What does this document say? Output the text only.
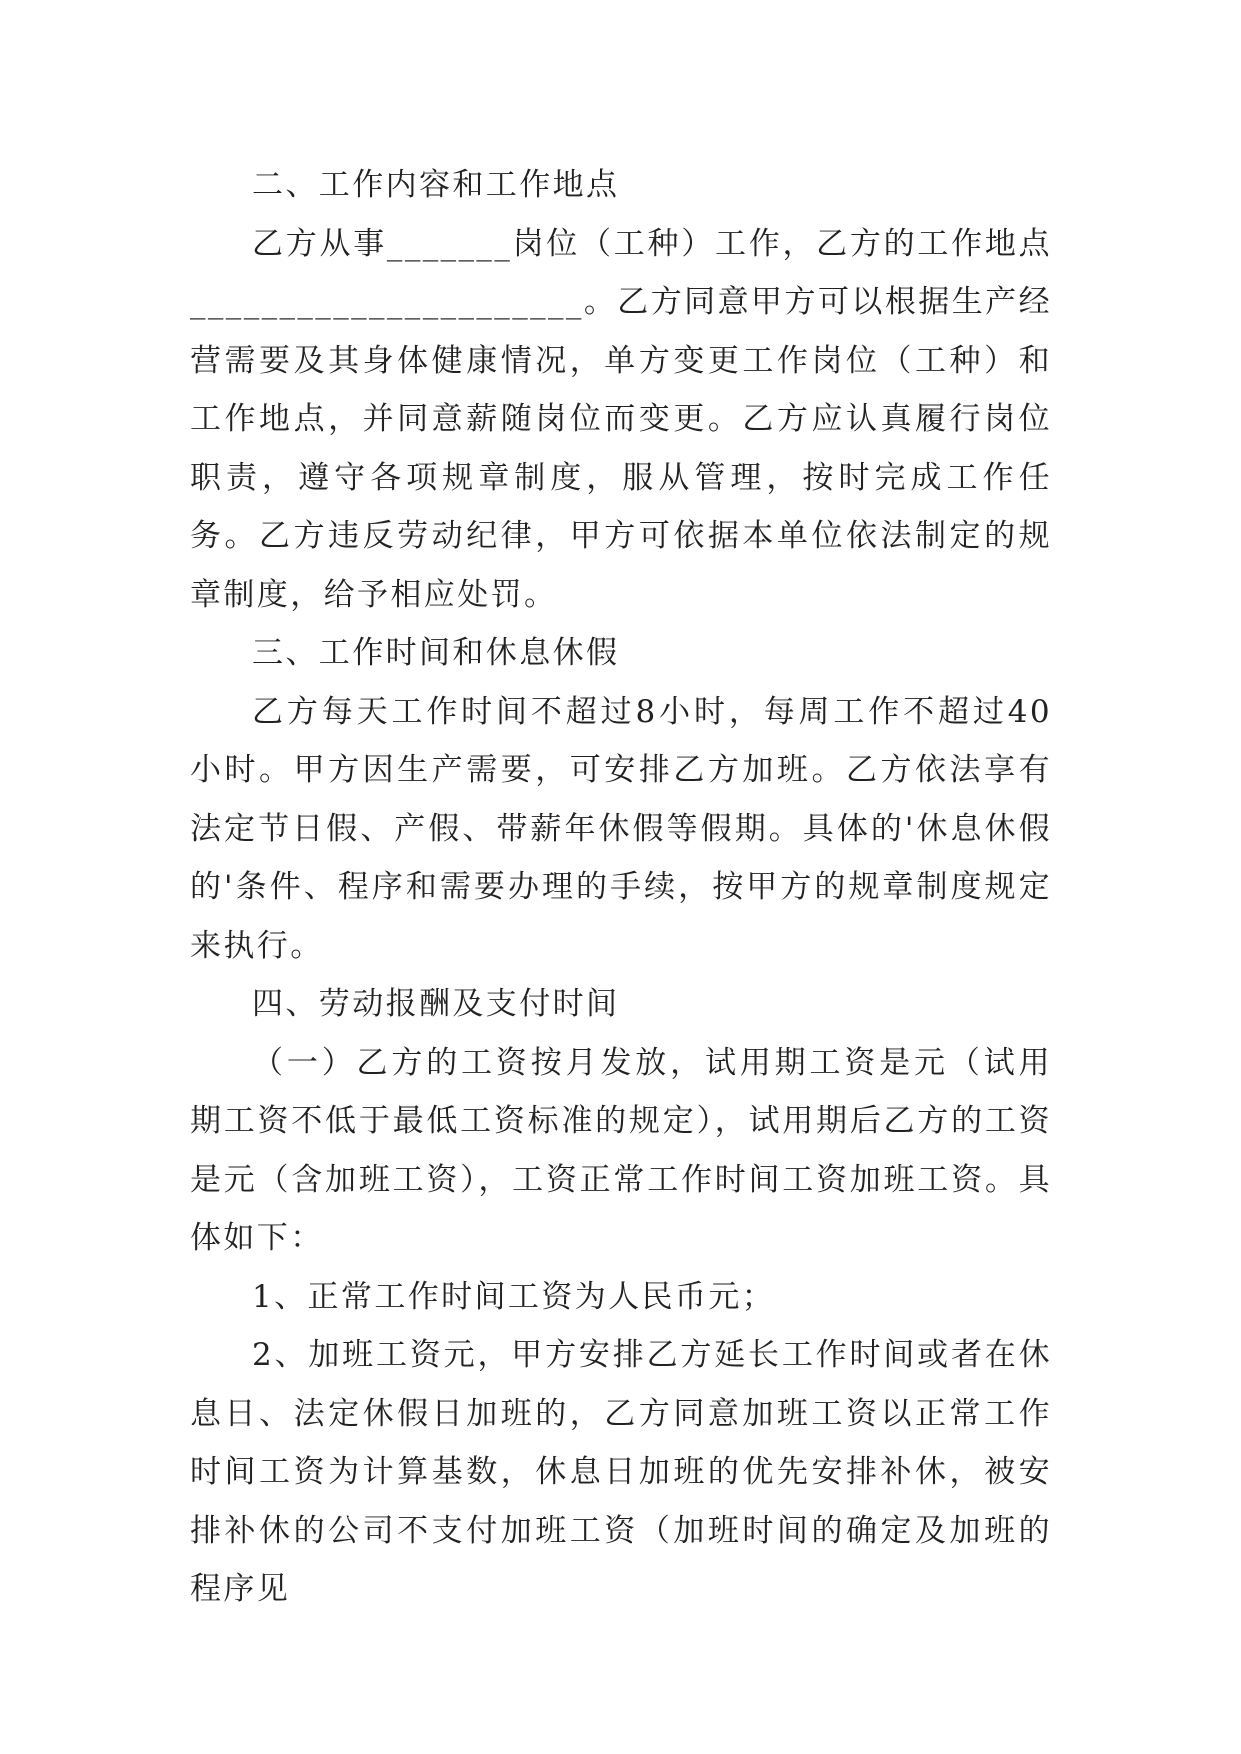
二、工作内容和工作地点

乙方从事_______岗位（工种）工作，乙方的工作地点______________________。乙方同意甲方可以根据生产经营需要及其身体健康情况，单方变更工作岗位（工种）和工作地点，并同意薪随岗位而变更。乙方应认真履行岗位职责，遵守各项规章制度，服从管理，按时完成工作任务。乙方违反劳动纪律，甲方可依据本单位依法制定的规章制度，给予相应处罚。

三、工作时间和休息休假

乙方每天工作时间不超过8小时，每周工作不超过40小时。甲方因生产需要，可安排乙方加班。乙方依法享有法定节日假、产假、带薪年休假等假期。具体的'休息休假的'条件、程序和需要办理的手续，按甲方的规章制度规定来执行。

四、劳动报酬及支付时间

（一）乙方的工资按月发放，试用期工资是元（试用期工资不低于最低工资标准的规定），试用期后乙方的工资是元（含加班工资），工资正常工作时间工资加班工资。具体如下：

1、正常工作时间工资为人民币元；

2、加班工资元，甲方安排乙方延长工作时间或者在休息日、法定休假日加班的，乙方同意加班工资以正常工作时间工资为计算基数，休息日加班的优先安排补休，被安排补休的公司不支付加班工资（加班时间的确定及加班的程序见
